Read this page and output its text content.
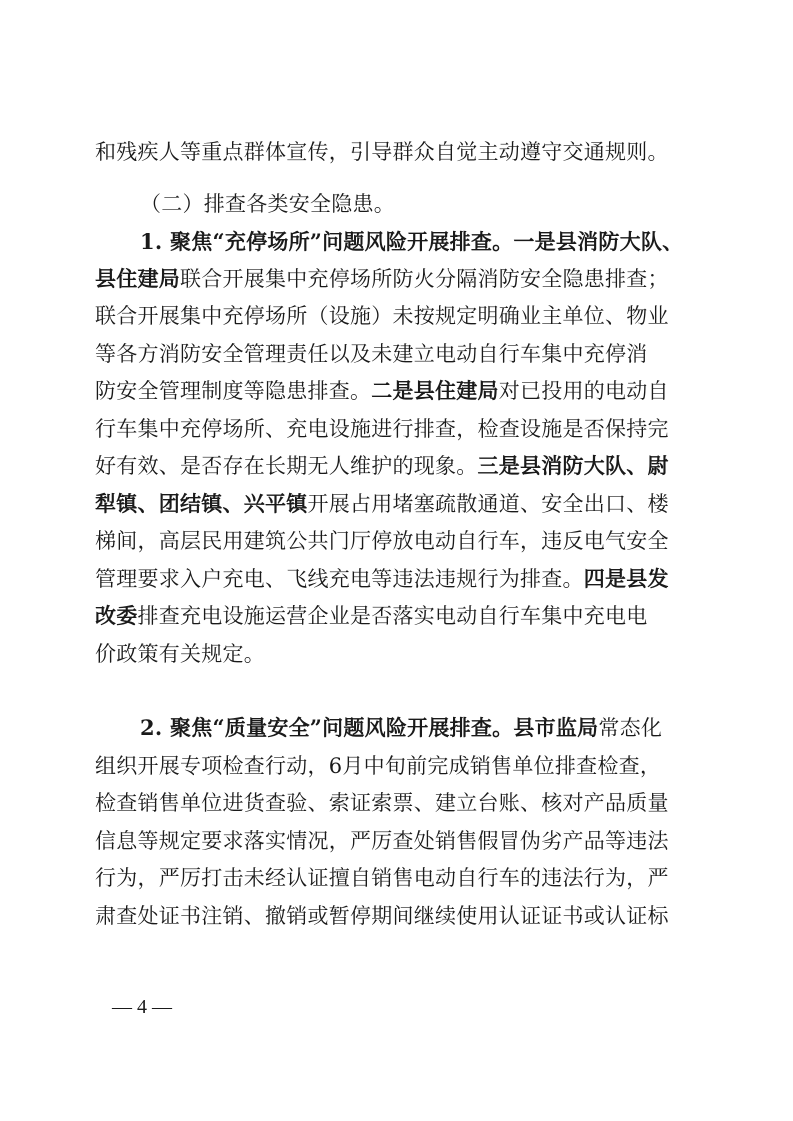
和残疾人等重点群体宣传，引导群众自觉主动遵守交通规则。
（二）排查各类安全隐患。
1. 聚焦“充停场所”问题风险开展排查。一是县消防大队、
县住建局联合开展集中充停场所防火分隔消防安全隐患排查；
联合开展集中充停场所（设施）未按规定明确业主单位、物业
等各方消防安全管理责任以及未建立电动自行车集中充停消
防安全管理制度等隐患排查。二是县住建局对已投用的电动自
行车集中充停场所、充电设施进行排查，检查设施是否保持完
好有效、是否存在长期无人维护的现象。三是县消防大队、尉
犁镇、团结镇、兴平镇开展占用堵塞疏散通道、安全出口、楼
梯间，高层民用建筑公共门厅停放电动自行车，违反电气安全
管理要求入户充电、飞线充电等违法违规行为排查。四是县发
改委排查充电设施运营企业是否落实电动自行车集中充电电
价政策有关规定。
2. 聚焦“质量安全”问题风险开展排查。县市监局常态化
组织开展专项检查行动，6月中旬前完成销售单位排查检查，
检查销售单位进货查验、索证索票、建立台账、核对产品质量
信息等规定要求落实情况，严厉查处销售假冒伪劣产品等违法
行为，严厉打击未经认证擅自销售电动自行车的违法行为，严
肃查处证书注销、撤销或暂停期间继续使用认证证书或认证标
— 4 —
